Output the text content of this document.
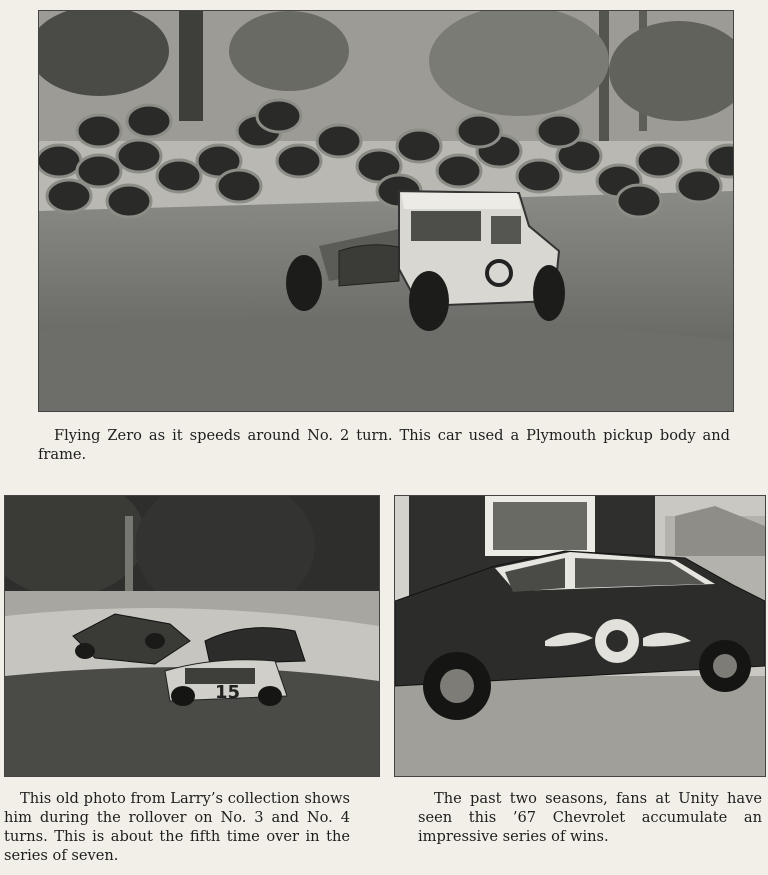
Flying Zero as it speeds around No. 2 turn. This car used a Plymouth pickup body and frame.

15

This old photo from Larry’s collection shows him during the rollover on No. 3 and No. 4 turns. This is about the fifth time over in the series of seven.

The past two seasons, fans at Unity have seen this ’67 Chevrolet accumulate an impressive series of wins.
